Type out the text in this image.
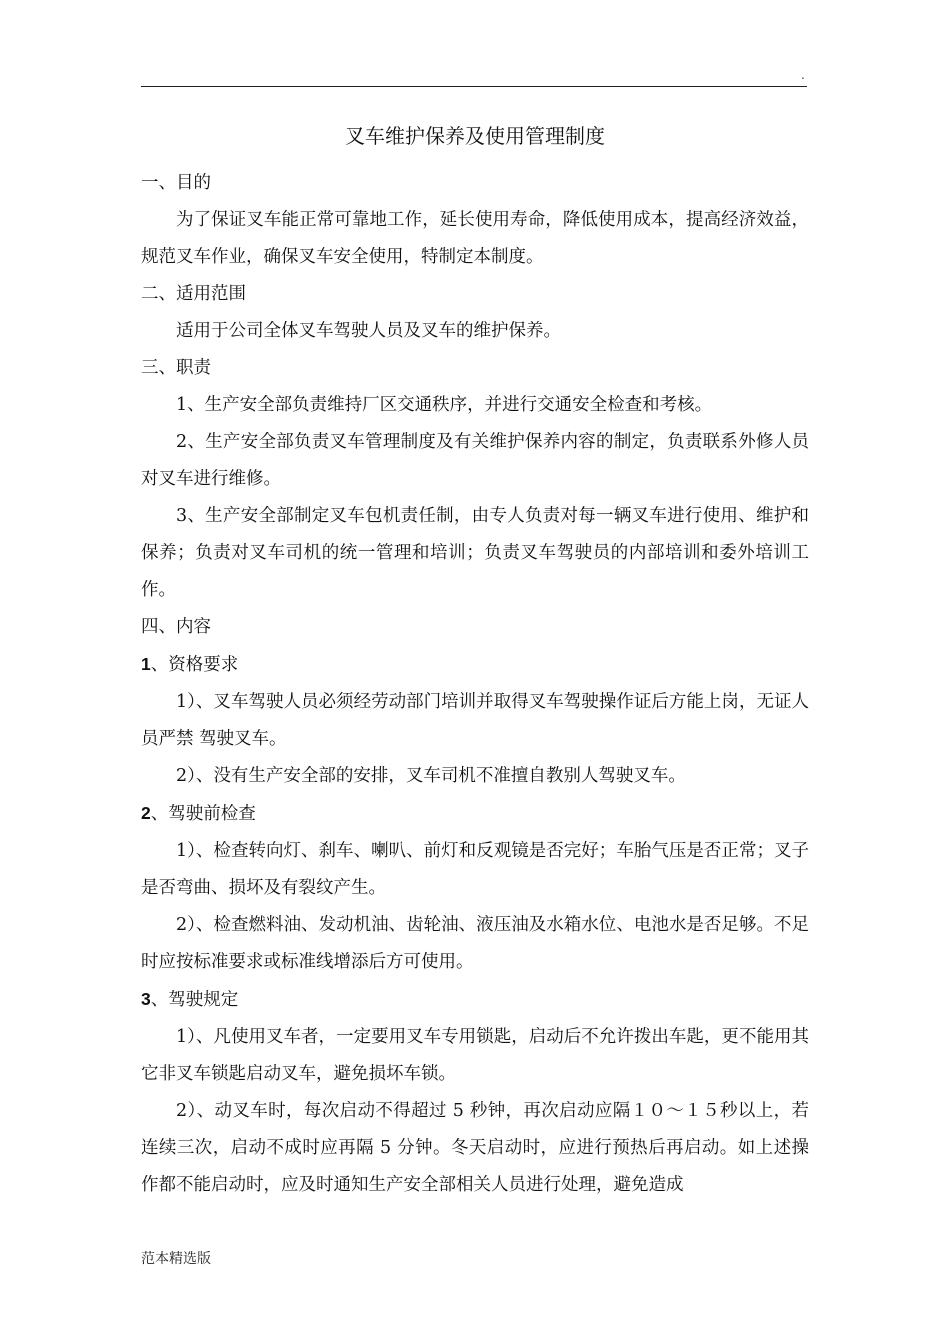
.

叉车维护保养及使用管理制度

一、目的

为了保证叉车能正常可靠地工作，延长使用寿命，降低使用成本，提高经济效益，规范叉车作业，确保叉车安全使用，特制定本制度。

二、适用范围

适用于公司全体叉车驾驶人员及叉车的维护保养。

三、职责

1、生产安全部负责维持厂区交通秩序，并进行交通安全检查和考核。

2、生产安全部负责叉车管理制度及有关维护保养内容的制定，负责联系外修人员对叉车进行维修。

3、生产安全部制定叉车包机责任制，由专人负责对每一辆叉车进行使用、维护和保养；负责对叉车司机的统一管理和培训；负责叉车驾驶员的内部培训和委外培训工作。

四、内容

1、资格要求

1）、叉车驾驶人员必须经劳动部门培训并取得叉车驾驶操作证后方能上岗，无证人员严禁 驾驶叉车。

2）、没有生产安全部的安排，叉车司机不准擅自教别人驾驶叉车。

2、驾驶前检查

1）、检查转向灯、刹车、喇叭、前灯和反观镜是否完好；车胎气压是否正常；叉子是否弯曲、损坏及有裂纹产生。

2）、检查燃料油、发动机油、齿轮油、液压油及水箱水位、电池水是否足够。不足时应按标准要求或标准线增添后方可使用。

3、驾驶规定

1）、凡使用叉车者，一定要用叉车专用锁匙，启动后不允许拨出车匙，更不能用其它非叉车锁匙启动叉车，避免损坏车锁。

2）、动叉车时，每次启动不得超过 5 秒钟，再次启动应隔１０～１５秒以上，若连续三次，启动不成时应再隔 5 分钟。冬天启动时，应进行预热后再启动。如上述操作都不能启动时，应及时通知生产安全部相关人员进行处理，避免造成

范本精选版
